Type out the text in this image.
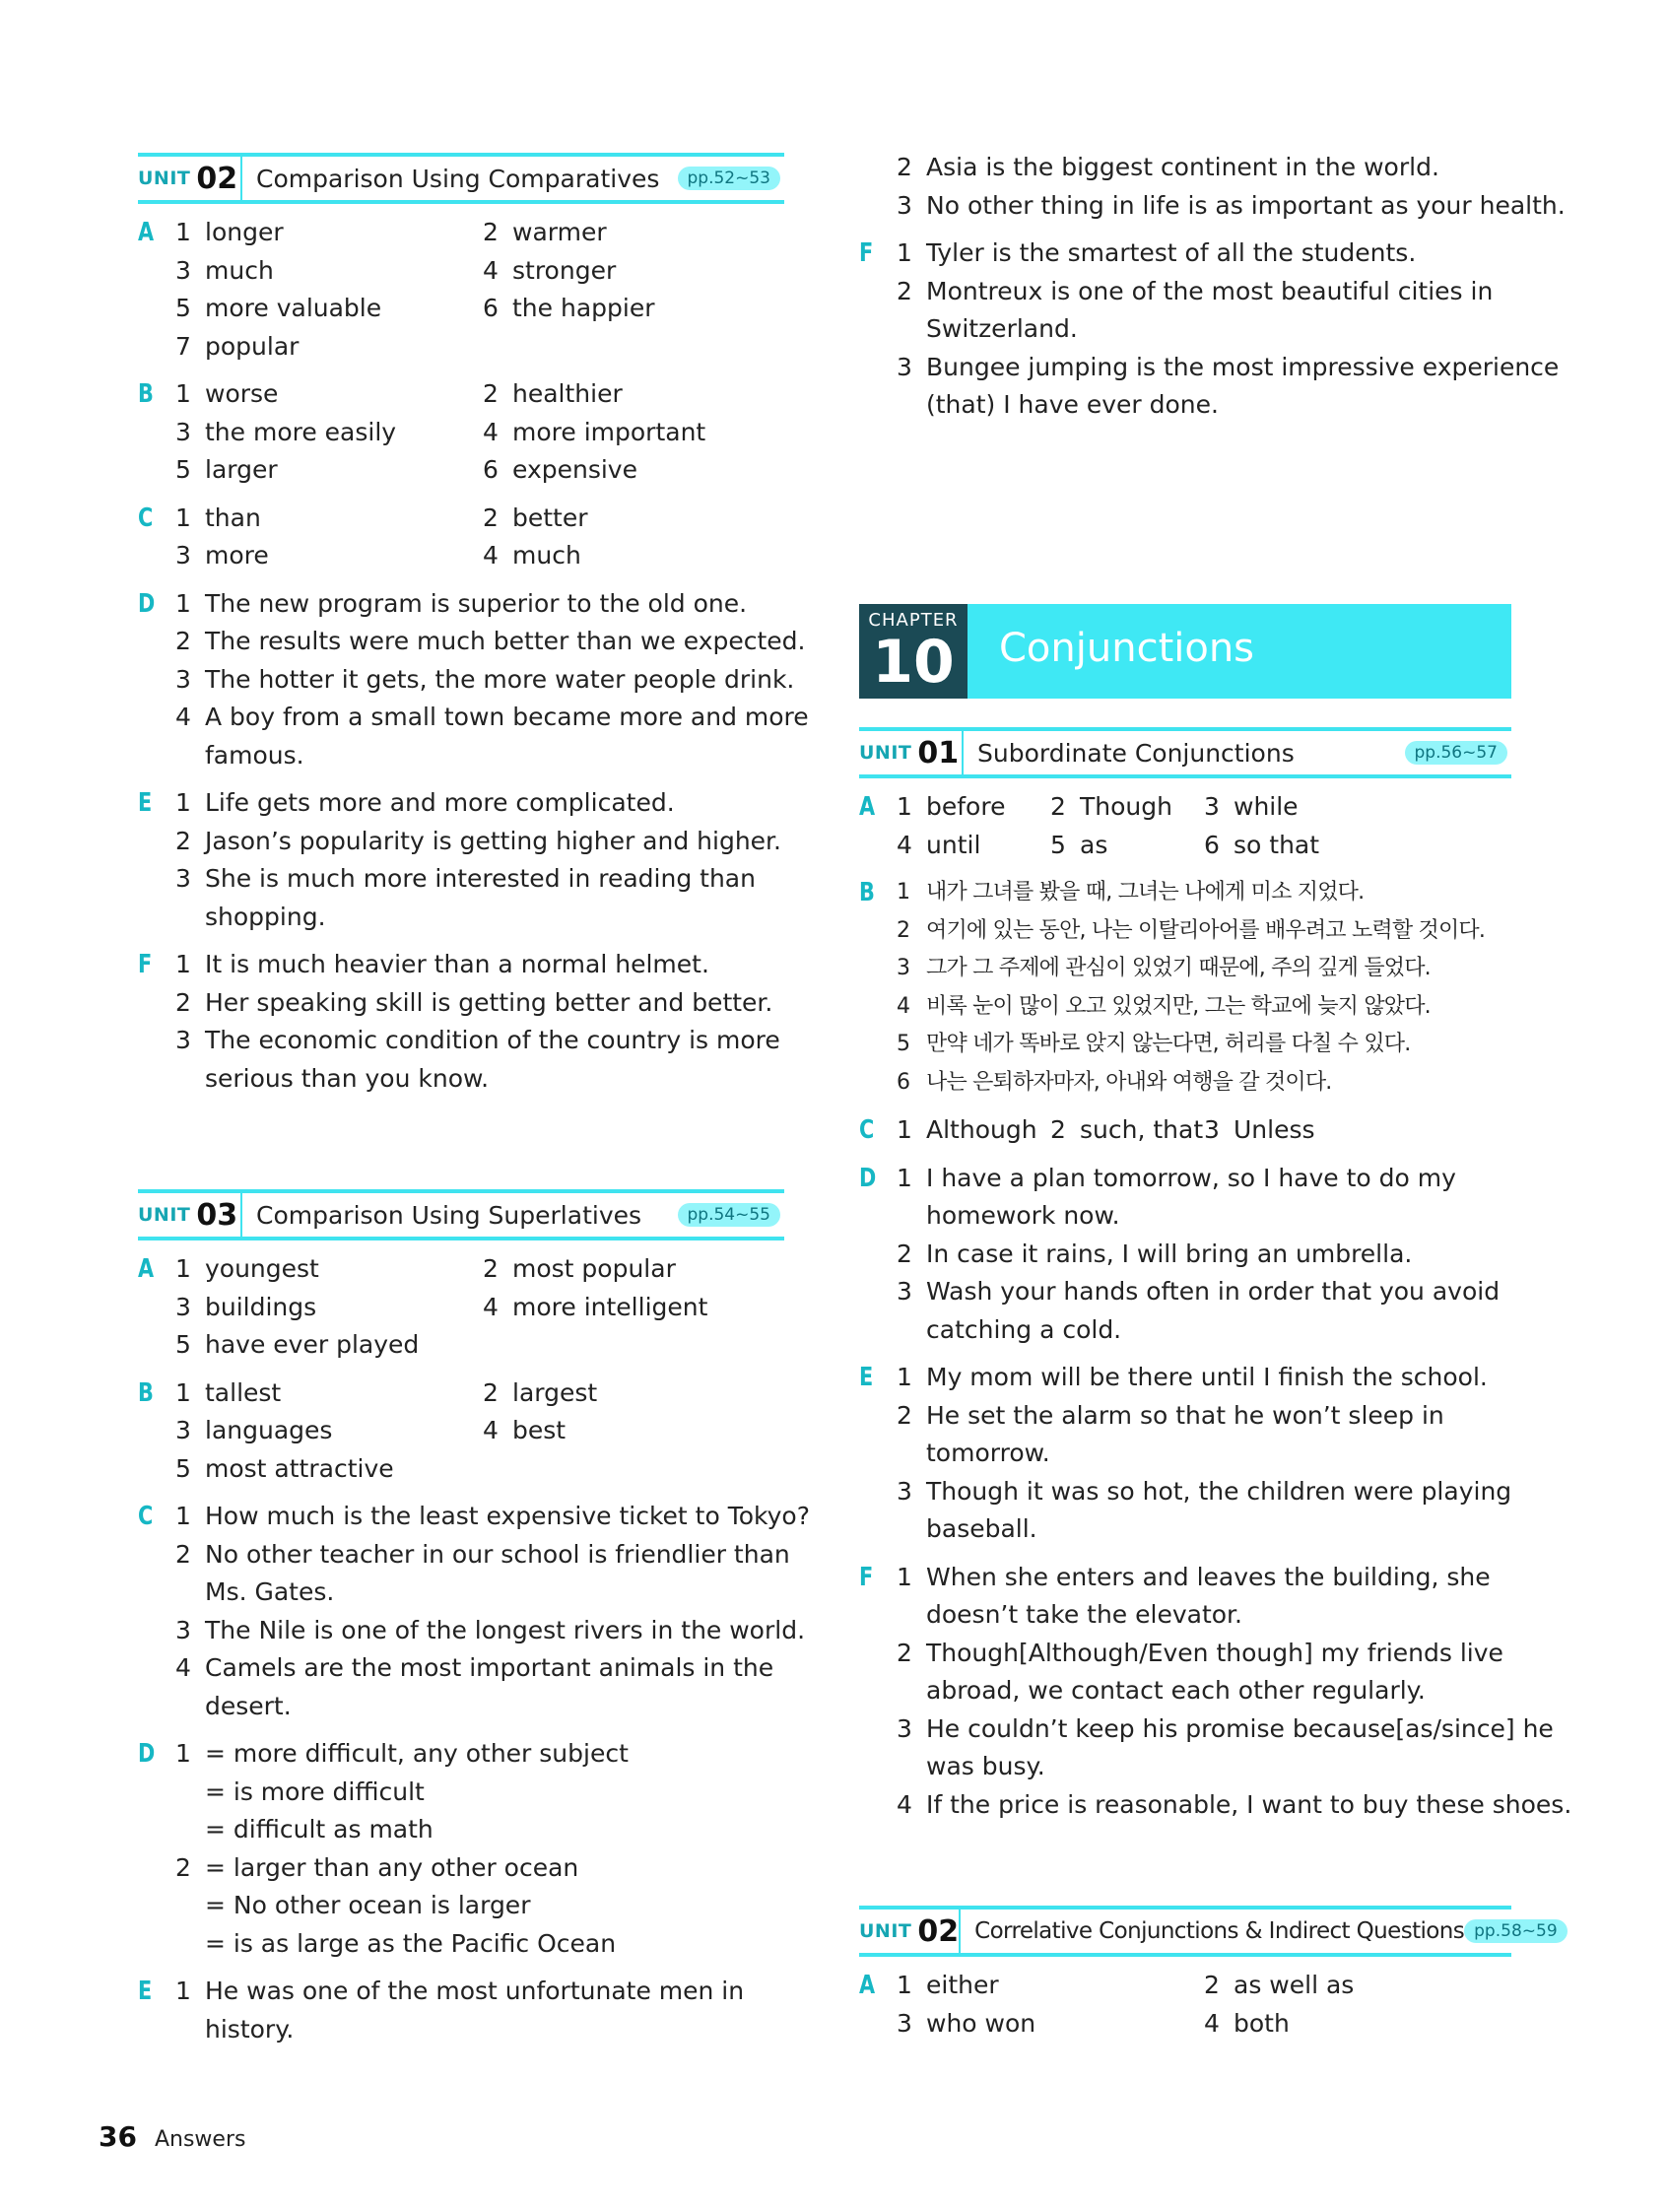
UNIT 02 Comparison Using Comparatives	pp.52~53
A 1 longer	2 warmer
3 much	4 stronger
5 more valuable	6 the happier
7 popular
B 1 worse	2 healthier
3 the more easily	4 more important
5 larger	6 expensive
C 1 than	2 better
3 more	4 much
D 1 The new program is superior to the old one.
2 The results were much better than we expected.
3 The hotter it gets, the more water people drink.
4 A boy from a small town became more and more
famous.
E 1 Life gets more and more complicated.
2 Jason’s popularity is getting higher and higher.
3 She is much more interested in reading than
shopping.
F 1 It is much heavier than a normal helmet.
2 Her speaking skill is getting better and better.
3 The economic condition of the country is more
serious than you know.
UNIT 03 Comparison Using Superlatives	pp.54~55
A 1 youngest	2 most popular
3 buildings	4 more intelligent
5 have ever played
B 1 tallest	2 largest
3 languages	4 best
5 most attractive
C 1 How much is the least expensive ticket to Tokyo?
2 No other teacher in our school is friendlier than
Ms. Gates.
3 The Nile is one of the longest rivers in the world.
4 Camels are the most important animals in the
desert.
D 1 = more difficult, any other subject
= is more difficult
= difficult as math
2 = larger than any other ocean
= No other ocean is larger
= is as large as the Pacific Ocean
E 1 He was one of the most unfortunate men in
history.
2 Asia is the biggest continent in the world.
3 No other thing in life is as important as your health.
F 1 Tyler is the smartest of all the students.
2 Montreux is one of the most beautiful cities in
Switzerland.
3 Bungee jumping is the most impressive experience
(that) I have ever done.
CHAPTER
10 Conjunctions
UNIT 01 Subordinate Conjunctions	pp.56~57
A 1 before	2 Though	3 while
4 until	5 as	6 so that
B	1 내가 그녀를 봤을 때, 그녀는 나에게 미소 지었다.
2 여기에 있는 동안, 나는 이탈리아어를 배우려고 노력할 것이다.
3 그가 그 주제에 관심이 있었기 때문에, 주의 깊게 들었다.
4 비록 눈이 많이 오고 있었지만, 그는 학교에 늦지 않았다.
5 만약 네가 똑바로 앉지 않는다면, 허리를 다칠 수 있다.
6 나는 은퇴하자마자, 아내와 여행을 갈 것이다.
C 1 Although 2 such, that 3 Unless
D 1 I have a plan tomorrow, so I have to do my
homework now.
2 In case it rains, I will bring an umbrella.
3 Wash your hands often in order that you avoid
catching a cold.
E 1 My mom will be there until I finish the school.
2 He set the alarm so that he won’t sleep in
tomorrow.
3 Though it was so hot, the children were playing
baseball.
F 1 When she enters and leaves the building, she
doesn’t take the elevator.
2 Though[Although/Even though] my friends live
abroad, we contact each other regularly.
3 He couldn’t keep his promise because[as/since] he
was busy.
4 If the price is reasonable, I want to buy these shoes.
UNIT 02 Correlative Conjunctions & Indirect Questions pp.58~59
A 1 either	2 as well as
3 who won	4 both
36 Answers
